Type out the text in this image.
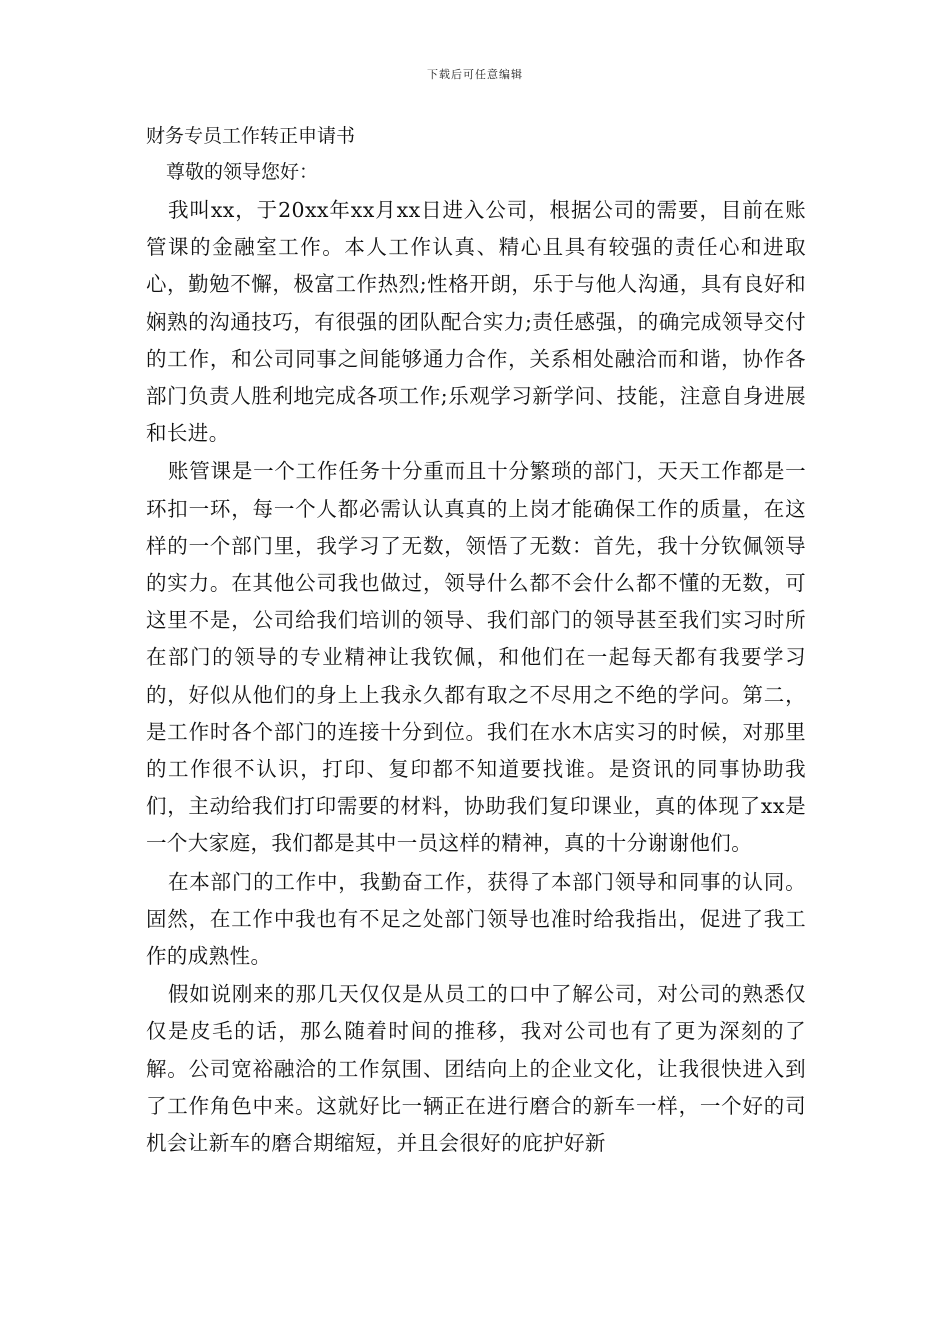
下载后可任意编辑
财务专员工作转正申请书

尊敬的领导您好：

我叫xx，于20xx年xx月xx日进入公司，根据公司的需要，目前在账管课的金融室工作。本人工作认真、精心且具有较强的责任心和进取心，勤勉不懈，极富工作热烈;性格开朗，乐于与他人沟通，具有良好和娴熟的沟通技巧，有很强的团队配合实力;责任感强，的确完成领导交付的工作，和公司同事之间能够通力合作，关系相处融洽而和谐，协作各部门负责人胜利地完成各项工作;乐观学习新学问、技能，注意自身进展和长进。

账管课是一个工作任务十分重而且十分繁琐的部门，天天工作都是一环扣一环，每一个人都必需认认真真的上岗才能确保工作的质量，在这样的一个部门里，我学习了无数，领悟了无数：首先，我十分钦佩领导的实力。在其他公司我也做过，领导什么都不会什么都不懂的无数，可这里不是，公司给我们培训的领导、我们部门的领导甚至我们实习时所在部门的领导的专业精神让我钦佩，和他们在一起每天都有我要学习的，好似从他们的身上上我永久都有取之不尽用之不绝的学问。第二，是工作时各个部门的连接十分到位。我们在水木店实习的时候，对那里的工作很不认识，打印、复印都不知道要找谁。是资讯的同事协助我们，主动给我们打印需要的材料，协助我们复印课业，真的体现了xx是一个大家庭，我们都是其中一员这样的精神，真的十分谢谢他们。

在本部门的工作中，我勤奋工作，获得了本部门领导和同事的认同。固然，在工作中我也有不足之处部门领导也准时给我指出，促进了我工作的成熟性。

假如说刚来的那几天仅仅是从员工的口中了解公司，对公司的熟悉仅仅是皮毛的话，那么随着时间的推移，我对公司也有了更为深刻的了解。公司宽裕融洽的工作氛围、团结向上的企业文化，让我很快进入到了工作角色中来。这就好比一辆正在进行磨合的新车一样，一个好的司机会让新车的磨合期缩短，并且会很好的庇护好新
